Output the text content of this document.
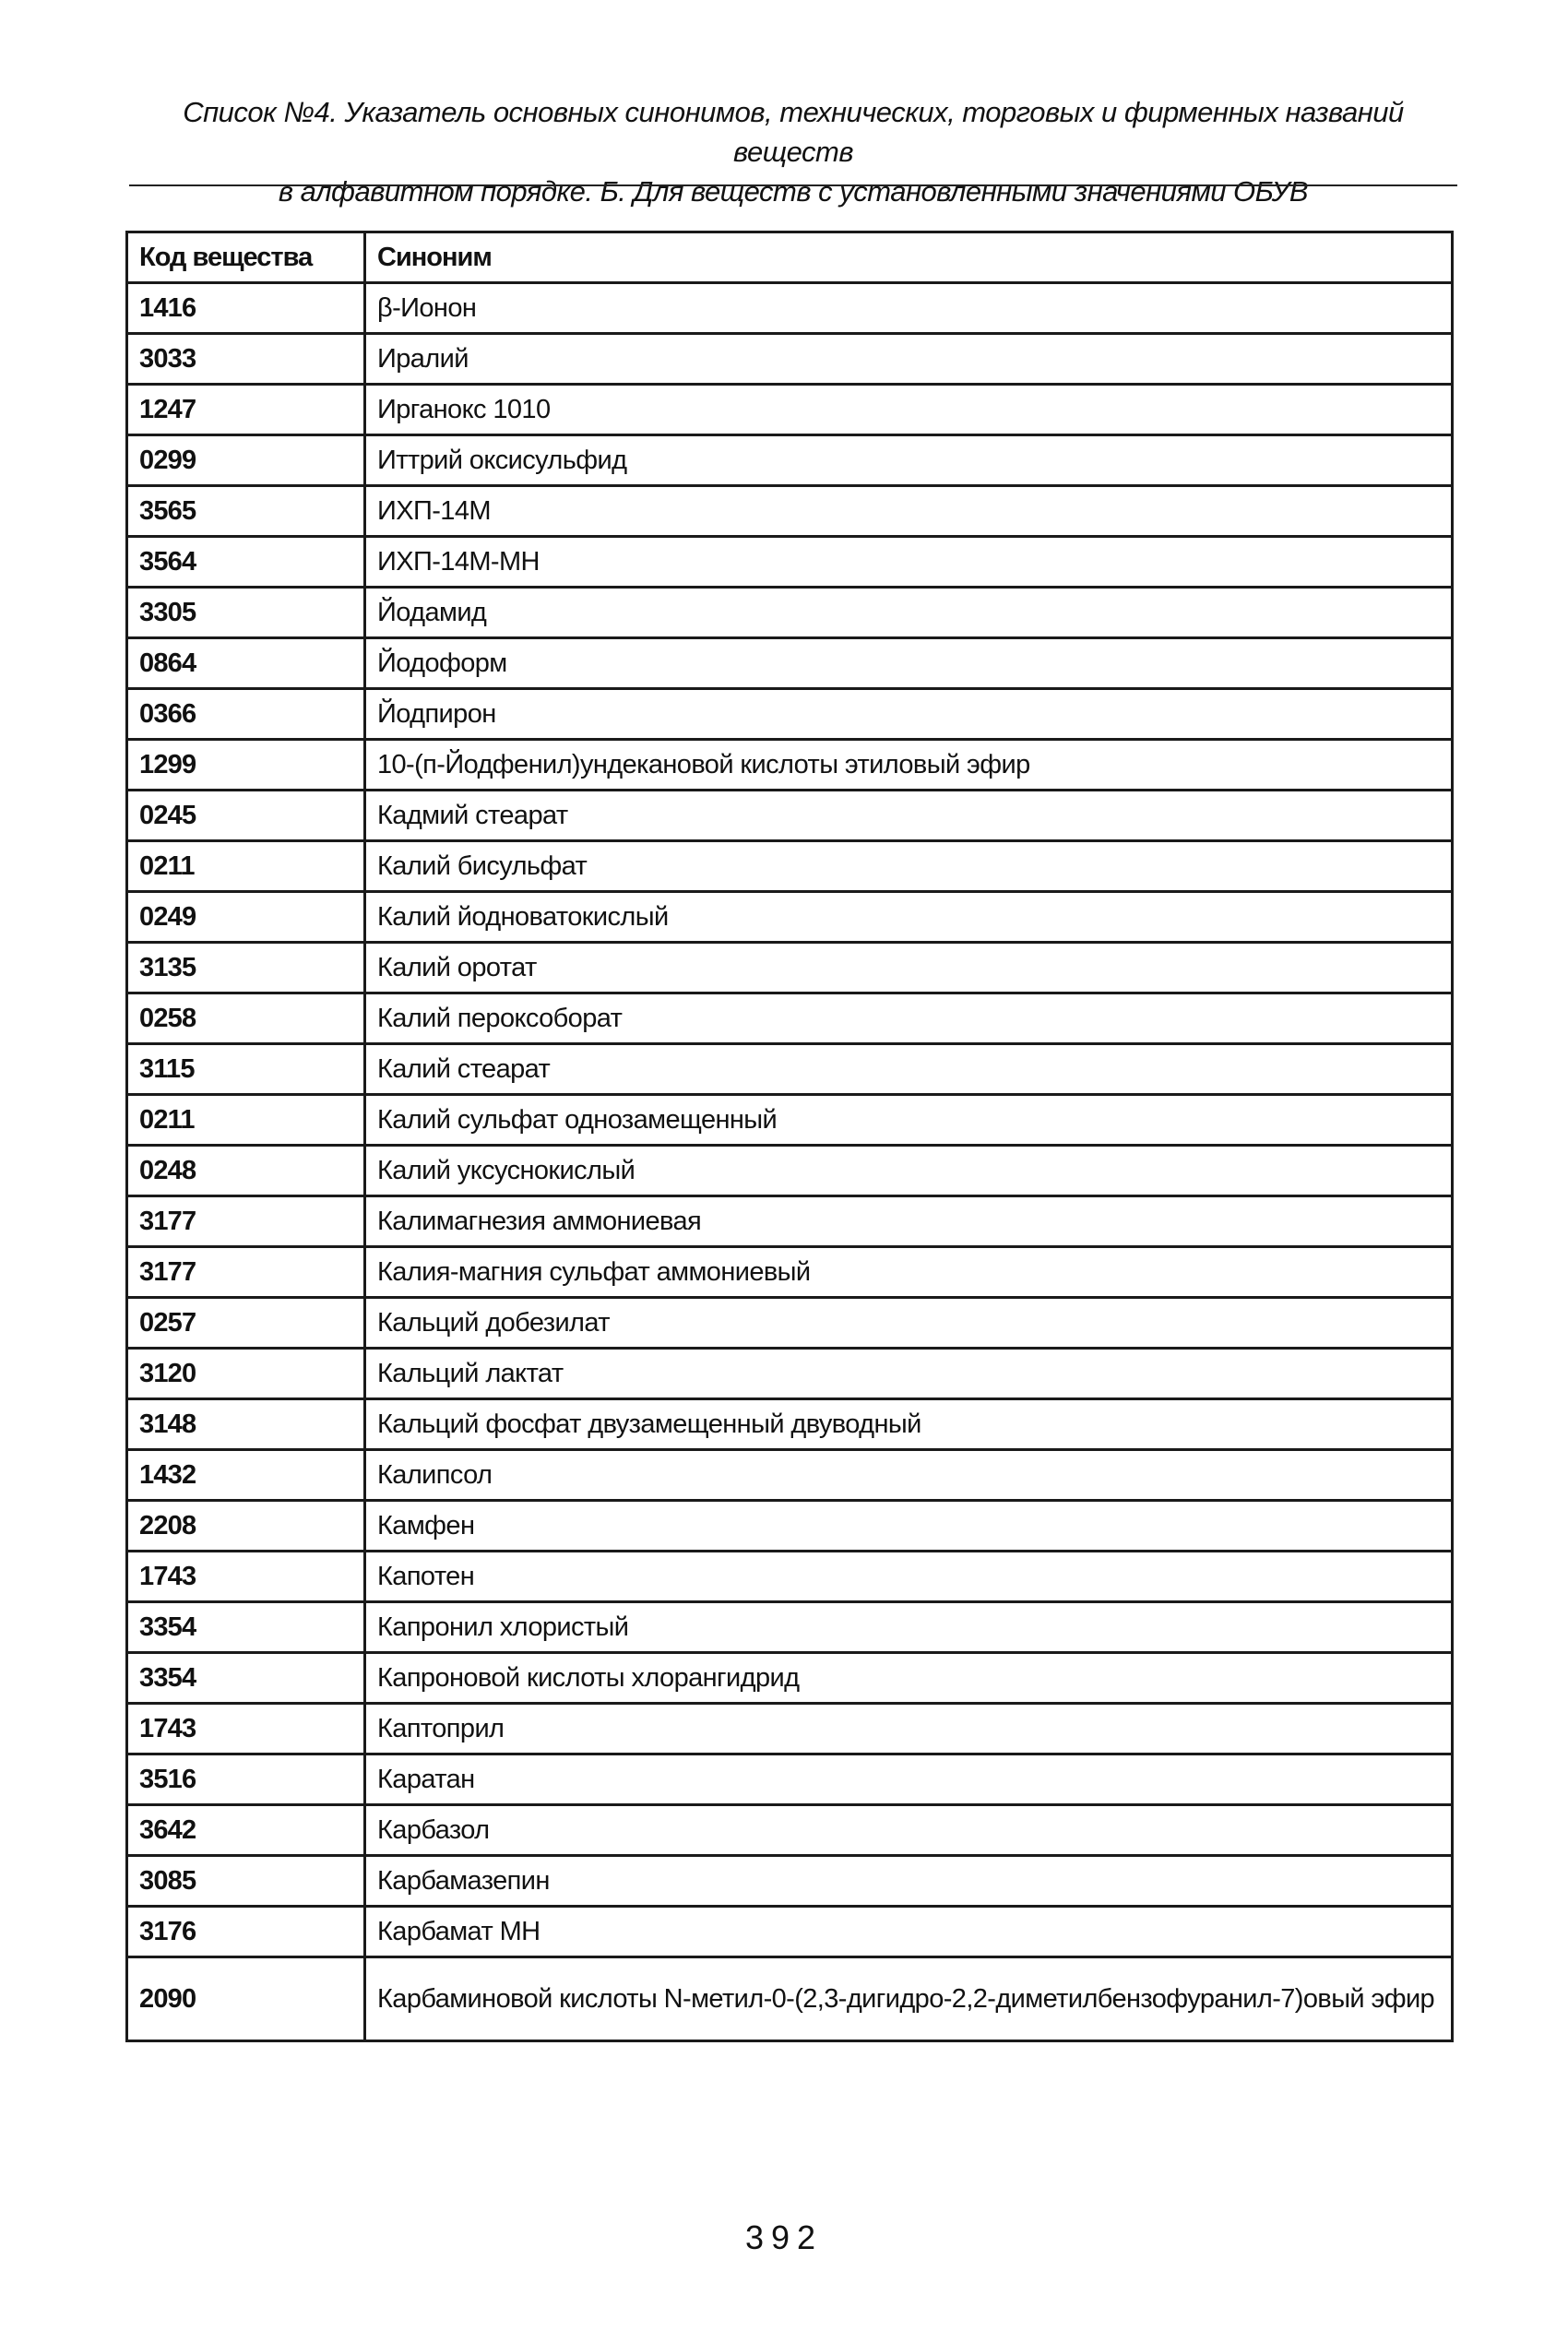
Список №4. Указатель основных синонимов, технических, торговых и фирменных названий веществ
в алфавитном порядке. Б. Для веществ с установленными значениями ОБУВ
Код вещества	Синоним
1416	β-Ионон
3033	Иралий
1247	Ирганокс 1010
0299	Иттрий оксисульфид
3565	ИХП-14М
3564	ИХП-14М-МН
3305	Йодамид
0864	Йодоформ
0366	Йодпирон
1299	10-(п-Йодфенил)ундекановой кислоты этиловый эфир
0245	Кадмий стеарат
0211	Калий бисульфат
0249	Калий йодноватокислый
3135	Калий оротат
0258	Калий пероксоборат
3115	Калий стеарат
0211	Калий сульфат однозамещенный
0248	Калий уксуснокислый
3177	Калимагнезия аммониевая
3177	Калия-магния сульфат аммониевый
0257	Кальций добезилат
3120	Кальций лактат
3148	Кальций фосфат двузамещенный двуводный
1432	Калипсол
2208	Камфен
1743	Капотен
3354	Капронил хлористый
3354	Капроновой кислоты хлорангидрид
1743	Каптоприл
3516	Каратан
3642	Карбазол
3085	Карбамазепин
3176	Карбамат МН
2090	Карбаминовой кислоты N-метил-0-(2,3-дигидро-2,2-диметилбензофуранил-7)овый эфир
392
